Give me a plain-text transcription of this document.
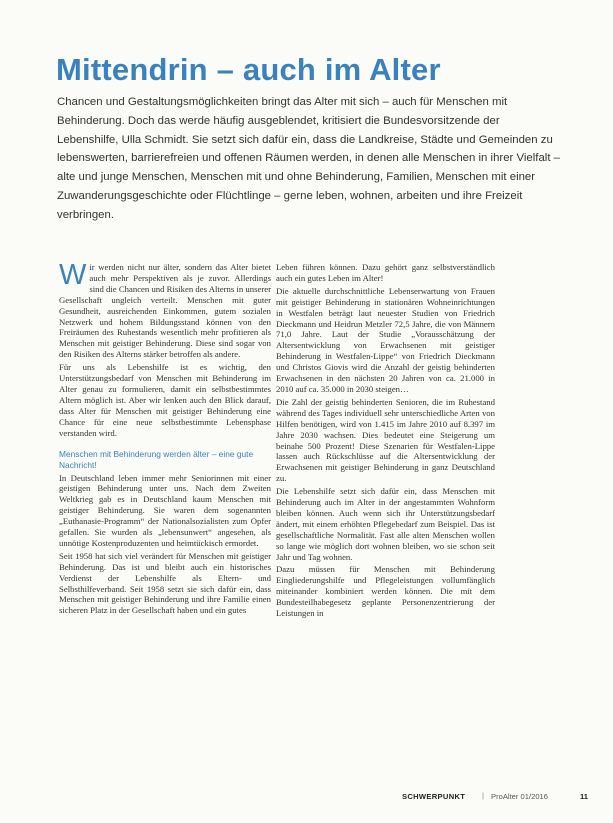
Mittendrin – auch im Alter
Chancen und Gestaltungsmöglichkeiten bringt das Alter mit sich – auch für Menschen mit Behinderung. Doch das werde häufig ausgeblendet, kritisiert die Bundesvorsitzende der Lebenshilfe, Ulla Schmidt. Sie setzt sich dafür ein, dass die Landkreise, Städte und Gemeinden zu lebenswerten, barrierefreien und offenen Räumen werden, in denen alle Menschen in ihrer Vielfalt – alte und junge Menschen, Menschen mit und ohne Behinderung, Familien, Menschen mit einer Zuwanderungsgeschichte oder Flüchtlinge – gerne leben, wohnen, arbeiten und ihre Freizeit verbringen.

Wir werden nicht nur älter, sondern das Alter bietet auch mehr Perspektiven als je zuvor. Allerdings sind die Chancen und Risiken des Alterns in unserer Gesellschaft ungleich verteilt. Menschen mit guter Gesundheit, ausreichenden Einkommen, gutem sozialen Netzwerk und hohem Bildungsstand können von den Freiräumen des Ruhestands wesentlich mehr profitieren als Menschen mit geistiger Behinderung. Diese sind sogar von den Risiken des Alterns stärker betroffen als andere.

Für uns als Lebenshilfe ist es wichtig, den Unterstützungsbedarf von Menschen mit Behinderung im Alter genau zu formulieren, damit ein selbstbestimmtes Altern möglich ist. Aber wir lenken auch den Blick darauf, dass Alter für Menschen mit geistiger Behinderung eine Chance für eine neue selbstbestimmte Lebensphase verstanden wird.

Menschen mit Behinderung werden älter – eine gute Nachricht!

In Deutschland leben immer mehr Seniorinnen mit einer geistigen Behinderung unter uns. Nach dem Zweiten Weltkrieg gab es in Deutschland kaum Menschen mit geistiger Behinderung. Sie waren dem sogenannten „Euthanasie-Programm“ der Nationalsozialisten zum Opfer gefallen. Sie wurden als „lebensunwert“ angesehen, als unnötige Kostenproduzenten und heimtückisch ermordet.

Seit 1958 hat sich viel verändert für Menschen mit geistiger Behinderung. Das ist und bleibt auch ein historisches Verdienst der Lebenshilfe als Eltern- und Selbsthilfeverband. Seit 1958 setzt sie sich dafür ein, dass Menschen mit geistiger Behinderung und ihre Familie einen sicheren Platz in der Gesellschaft haben und ein gutes

Leben führen können. Dazu gehört ganz selbstverständlich auch ein gutes Leben im Alter!

Die aktuelle durchschnittliche Lebenserwartung von Frauen mit geistiger Behinderung in stationären Wohneinrichtungen in Westfalen beträgt laut neuester Studien von Friedrich Dieckmann und Heidrun Metzler 72,5 Jahre, die von Männern 71,0 Jahre. Laut der Studie „Vorausschätzung der Altersentwicklung von Erwachsenen mit geistiger Behinderung in Westfalen-Lippe“ von Friedrich Dieckmann und Christos Giovis wird die Anzahl der geistig behinderten Erwachsenen in den nächsten 20 Jahren von ca. 21.000 in 2010 auf ca. 35.000 in 2030 steigen…

Die Zahl der geistig behinderten Senioren, die im Ruhestand während des Tages individuell sehr unterschiedliche Arten von Hilfen benötigen, wird von 1.415 im Jahre 2010 auf 8.397 im Jahre 2030 wachsen. Dies bedeutet eine Steigerung um beinahe 500 Prozent! Diese Szenarien für Westfalen-Lippe lassen auch Rückschlüsse auf die Altersentwicklung der Erwachsenen mit geistiger Behinderung in ganz Deutschland zu.

Die Lebenshilfe setzt sich dafür ein, dass Menschen mit Behinderung auch im Alter in der angestammten Wohnform bleiben können. Auch wenn sich ihr Unterstützungsbedarf ändert, mit einem erhöhten Pflegebedarf zum Beispiel. Das ist gesellschaftliche Normalität. Fast alle alten Menschen wollen so lange wie möglich dort wohnen bleiben, wo sie schon seit Jahr und Tag wohnen.

Dazu müssen für Menschen mit Behinderung Eingliederungshilfe und Pflegeleistungen vollumfänglich miteinander kombiniert werden können. Die mit dem Bundesteilhabegesetz geplante Personenzentrierung der Leistungen in

SCHWERPUNKT | ProAlter 01/2016	11
